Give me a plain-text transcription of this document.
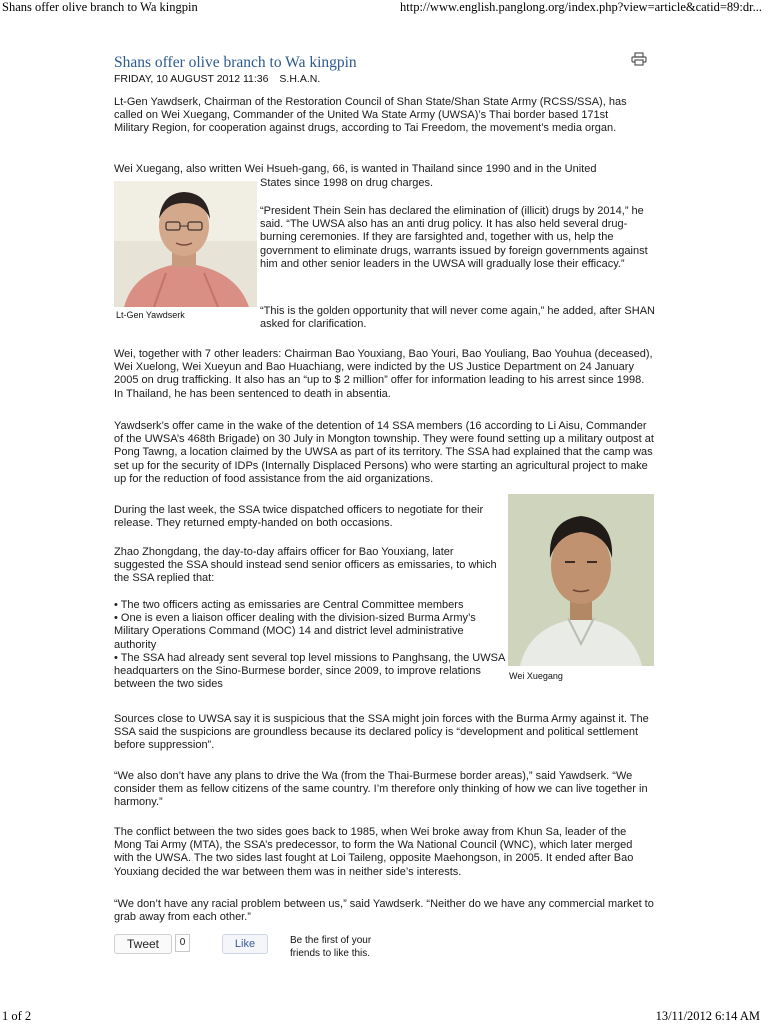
Shans offer olive branch to Wa kingpin	http://www.english.panglong.org/index.php?view=article&catid=89:dr...
Shans offer olive branch to Wa kingpin
FRIDAY, 10 AUGUST 2012 11:36 S.H.A.N.

Lt-Gen Yawdserk, Chairman of the Restoration Council of Shan State/Shan State Army (RCSS/SSA), has called on Wei Xuegang, Commander of the United Wa State Army (UWSA)’s Thai border based 171st Military Region, for cooperation against drugs, according to Tai Freedom, the movement’s media organ.

Wei Xuegang, also written Wei Hsueh-gang, 66, is wanted in Thailand since 1990 and in the United

States since 1998 on drug charges.

Lt-Gen Yawdserk

“President Thein Sein has declared the elimination of (illicit) drugs by 2014,” he said. “The UWSA also has an anti drug policy. It has also held several drug-burning ceremonies. If they are farsighted and, together with us, help the government to eliminate drugs, warrants issued by foreign governments against him and other senior leaders in the UWSA will gradually lose their efficacy.”

“This is the golden opportunity that will never come again,” he added, after SHAN asked for clarification.

Wei, together with 7 other leaders: Chairman Bao Youxiang, Bao Youri, Bao Youliang, Bao Youhua (deceased), Wei Xuelong, Wei Xueyun and Bao Huachiang, were indicted by the US Justice Department on 24 January 2005 on drug trafficking. It also has an “up to $ 2 million” offer for information leading to his arrest since 1998. In Thailand, he has been sentenced to death in absentia.

Yawdserk’s offer came in the wake of the detention of 14 SSA members (16 according to Li Aisu, Commander of the UWSA’s 468th Brigade) on 30 July in Mongton township. They were found setting up a military outpost at Pong Tawng, a location claimed by the UWSA as part of its territory. The SSA had explained that the camp was set up for the security of IDPs (Internally Displaced Persons) who were starting an agricultural project to make up for the reduction of food assistance from the aid organizations.

During the last week, the SSA twice dispatched officers to negotiate for their release. They returned empty-handed on both occasions.

Zhao Zhongdang, the day-to-day affairs officer for Bao Youxiang, later suggested the SSA should instead send senior officers as emissaries, to which the SSA replied that:

• The two officers acting as emissaries are Central Committee members

• One is even a liaison officer dealing with the division-sized Burma Army’s Military Operations Command (MOC) 14 and district level administrative authority

• The SSA had already sent several top level missions to Panghsang, the UWSA headquarters on the Sino-Burmese border, since 2009, to improve relations between the two sides

Wei Xuegang

Sources close to UWSA say it is suspicious that the SSA might join forces with the Burma Army against it. The SSA said the suspicions are groundless because its declared policy is “development and political settlement before suppression”.

“We also don’t have any plans to drive the Wa (from the Thai-Burmese border areas),” said Yawdserk. “We consider them as fellow citizens of the same country. I’m therefore only thinking of how we can live together in harmony.”

The conflict between the two sides goes back to 1985, when Wei broke away from Khun Sa, leader of the Mong Tai Army (MTA), the SSA’s predecessor, to form the Wa National Council (WNC), which later merged with the UWSA. The two sides last fought at Loi Taileng, opposite Maehongson, in 2005. It ended after Bao Youxiang decided the war between them was in neither side’s interests.

“We don’t have any racial problem between us,” said Yawdserk. “Neither do we have any commercial market to grab away from each other.”

Tweet	0	Like	Be the first of your friends to like this.
1 of 2	13/11/2012 6:14 AM
